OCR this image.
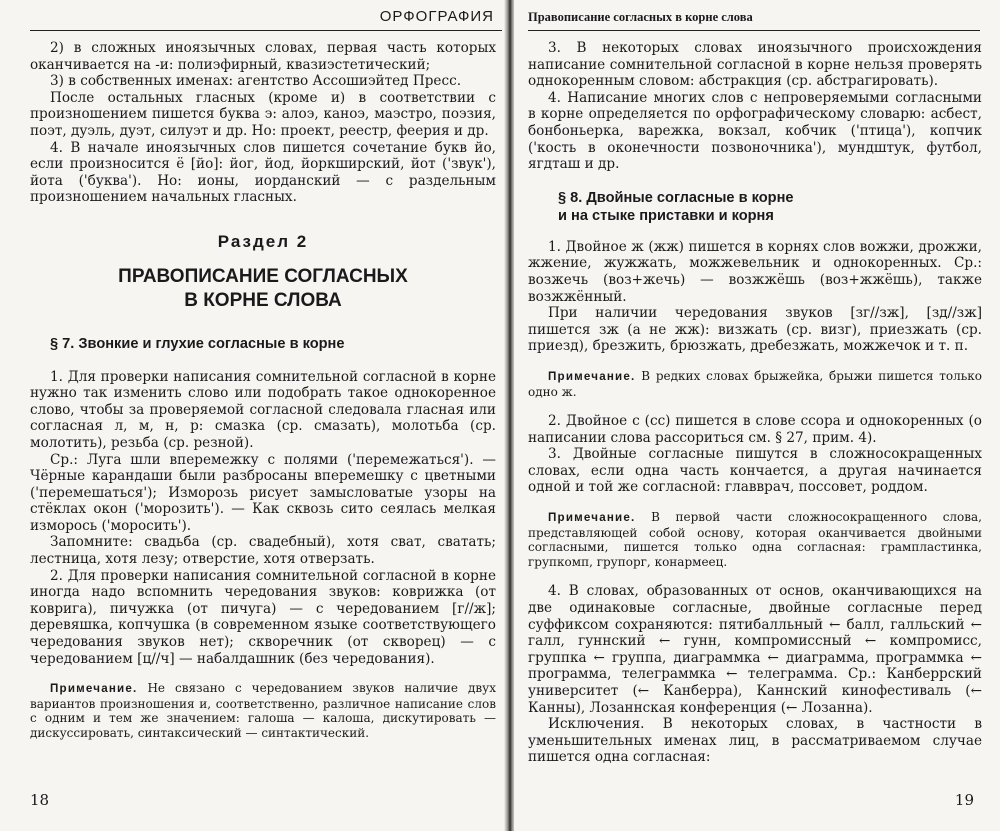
ОРФОГРАФИЯ

2) в сложных иноязычных словах, первая часть которых оканчивается на -и: полиэфирный, квазиэстетический;

3) в собственных именах: агентство Ассошиэйтед Пресс.

После остальных гласных (кроме и) в соответствии с произношением пишется буква э: алоэ, каноэ, маэстро, поэзия, поэт, дуэль, дуэт, силуэт и др. Но: проект, реестр, феерия и др.

4. В начале иноязычных слов пишется сочетание букв йо, если произносится ё [йо]: йог, йод, йоркширский, йот ('звук'), йота ('буква'). Но: ионы, иорданский — с раздельным произношением начальных гласных.

Раздел 2
ПРАВОПИСАНИЕ СОГЛАСНЫХ
В КОРНЕ СЛОВА
§ 7. Звонкие и глухие согласные в корне

1. Для проверки написания сомнительной согласной в корне нужно так изменить слово или подобрать такое однокоренное слово, чтобы за проверяемой согласной следовала гласная или согласная л, м, н, р: смазка (ср. смазать), молотьба (ср. молотить), резьба (ср. резной).

Ср.: Луга шли вперемежку с полями ('перемежаться'). — Чёрные карандаши были разбросаны вперемешку с цветными ('перемешаться'); Изморозь рисует замысловатые узоры на стёклах окон ('морозить'). — Как сквозь сито сеялась мелкая изморось ('моросить').

Запомните: свадьба (ср. свадебный), хотя сват, сватать; лестница, хотя лезу; отверстие, хотя отверзать.

2. Для проверки написания сомнительной согласной в корне иногда надо вспомнить чередования звуков: коврижка (от коврига), пичужка (от пичуга) — с чередованием [г//ж]; деревяшка, копчушка (в современном языке соответствующего чередования звуков нет); скворечник (от скворец) — с чередованием [ц//ч] — набалдашник (без чередования).

Примечание. Не связано с чередованием звуков наличие двух вариантов произношения и, соответственно, различное написание слов с одним и тем же значением: галоша — калоша, дискутировать — дискуссировать, синтаксический — синтактический.

18
Правописание согласных в корне слова

3. В некоторых словах иноязычного происхождения написание сомнительной согласной в корне нельзя проверять однокоренным словом: абстракция (ср. абстрагировать).

4. Написание многих слов с непроверяемыми согласными в корне определяется по орфографическому словарю: асбест, бонбоньерка, варежка, вокзал, кобчик ('птица'), копчик ('кость в оконечности позвоночника'), мундштук, футбол, ягдташ и др.

§ 8. Двойные согласные в корне
и на стыке приставки и корня

1. Двойное ж (жж) пишется в корнях слов вожжи, дрожжи, жжение, жужжать, можжевельник и однокоренных. Ср.: возжечь (воз+жечь) — возжжёшь (воз+жжёшь), также возжжённый.

При наличии чередования звуков [зг//зж], [зд//зж] пишется зж (а не жж): визжать (ср. визг), приезжать (ср. приезд), брезжить, брюзжать, дребезжать, можжечок и т. п.

Примечание. В редких словах брыжейка, брыжи пишется только одно ж.

2. Двойное с (сс) пишется в слове ссора и однокоренных (о написании слова рассориться см. § 27, прим. 4).

3. Двойные согласные пишутся в сложносокращенных словах, если одна часть кончается, а другая начинается одной и той же согласной: главврач, поссовет, роддом.

Примечание. В первой части сложносокращенного слова, представляющей собой основу, которая оканчивается двойными согласными, пишется только одна согласная: грампластинка, групкомп, групорг, конармеец.

4. В словах, образованных от основ, оканчивающихся на две одинаковые согласные, двойные согласные перед суффиксом сохраняются: пятибалльный ← балл, галльский ← галл, гуннский ← гунн, компромиссный ← компромисс, группка ← группа, диаграммка ← диаграмма, программка ← программа, телеграммка ← телеграмма. Ср.: Канберрский университет (← Канберра), Каннский кинофестиваль (← Канны), Лозаннская конференция (← Лозанна).

Исключения. В некоторых словах, в частности в уменьшительных именах лиц, в рассматриваемом случае пишется одна согласная:

19
